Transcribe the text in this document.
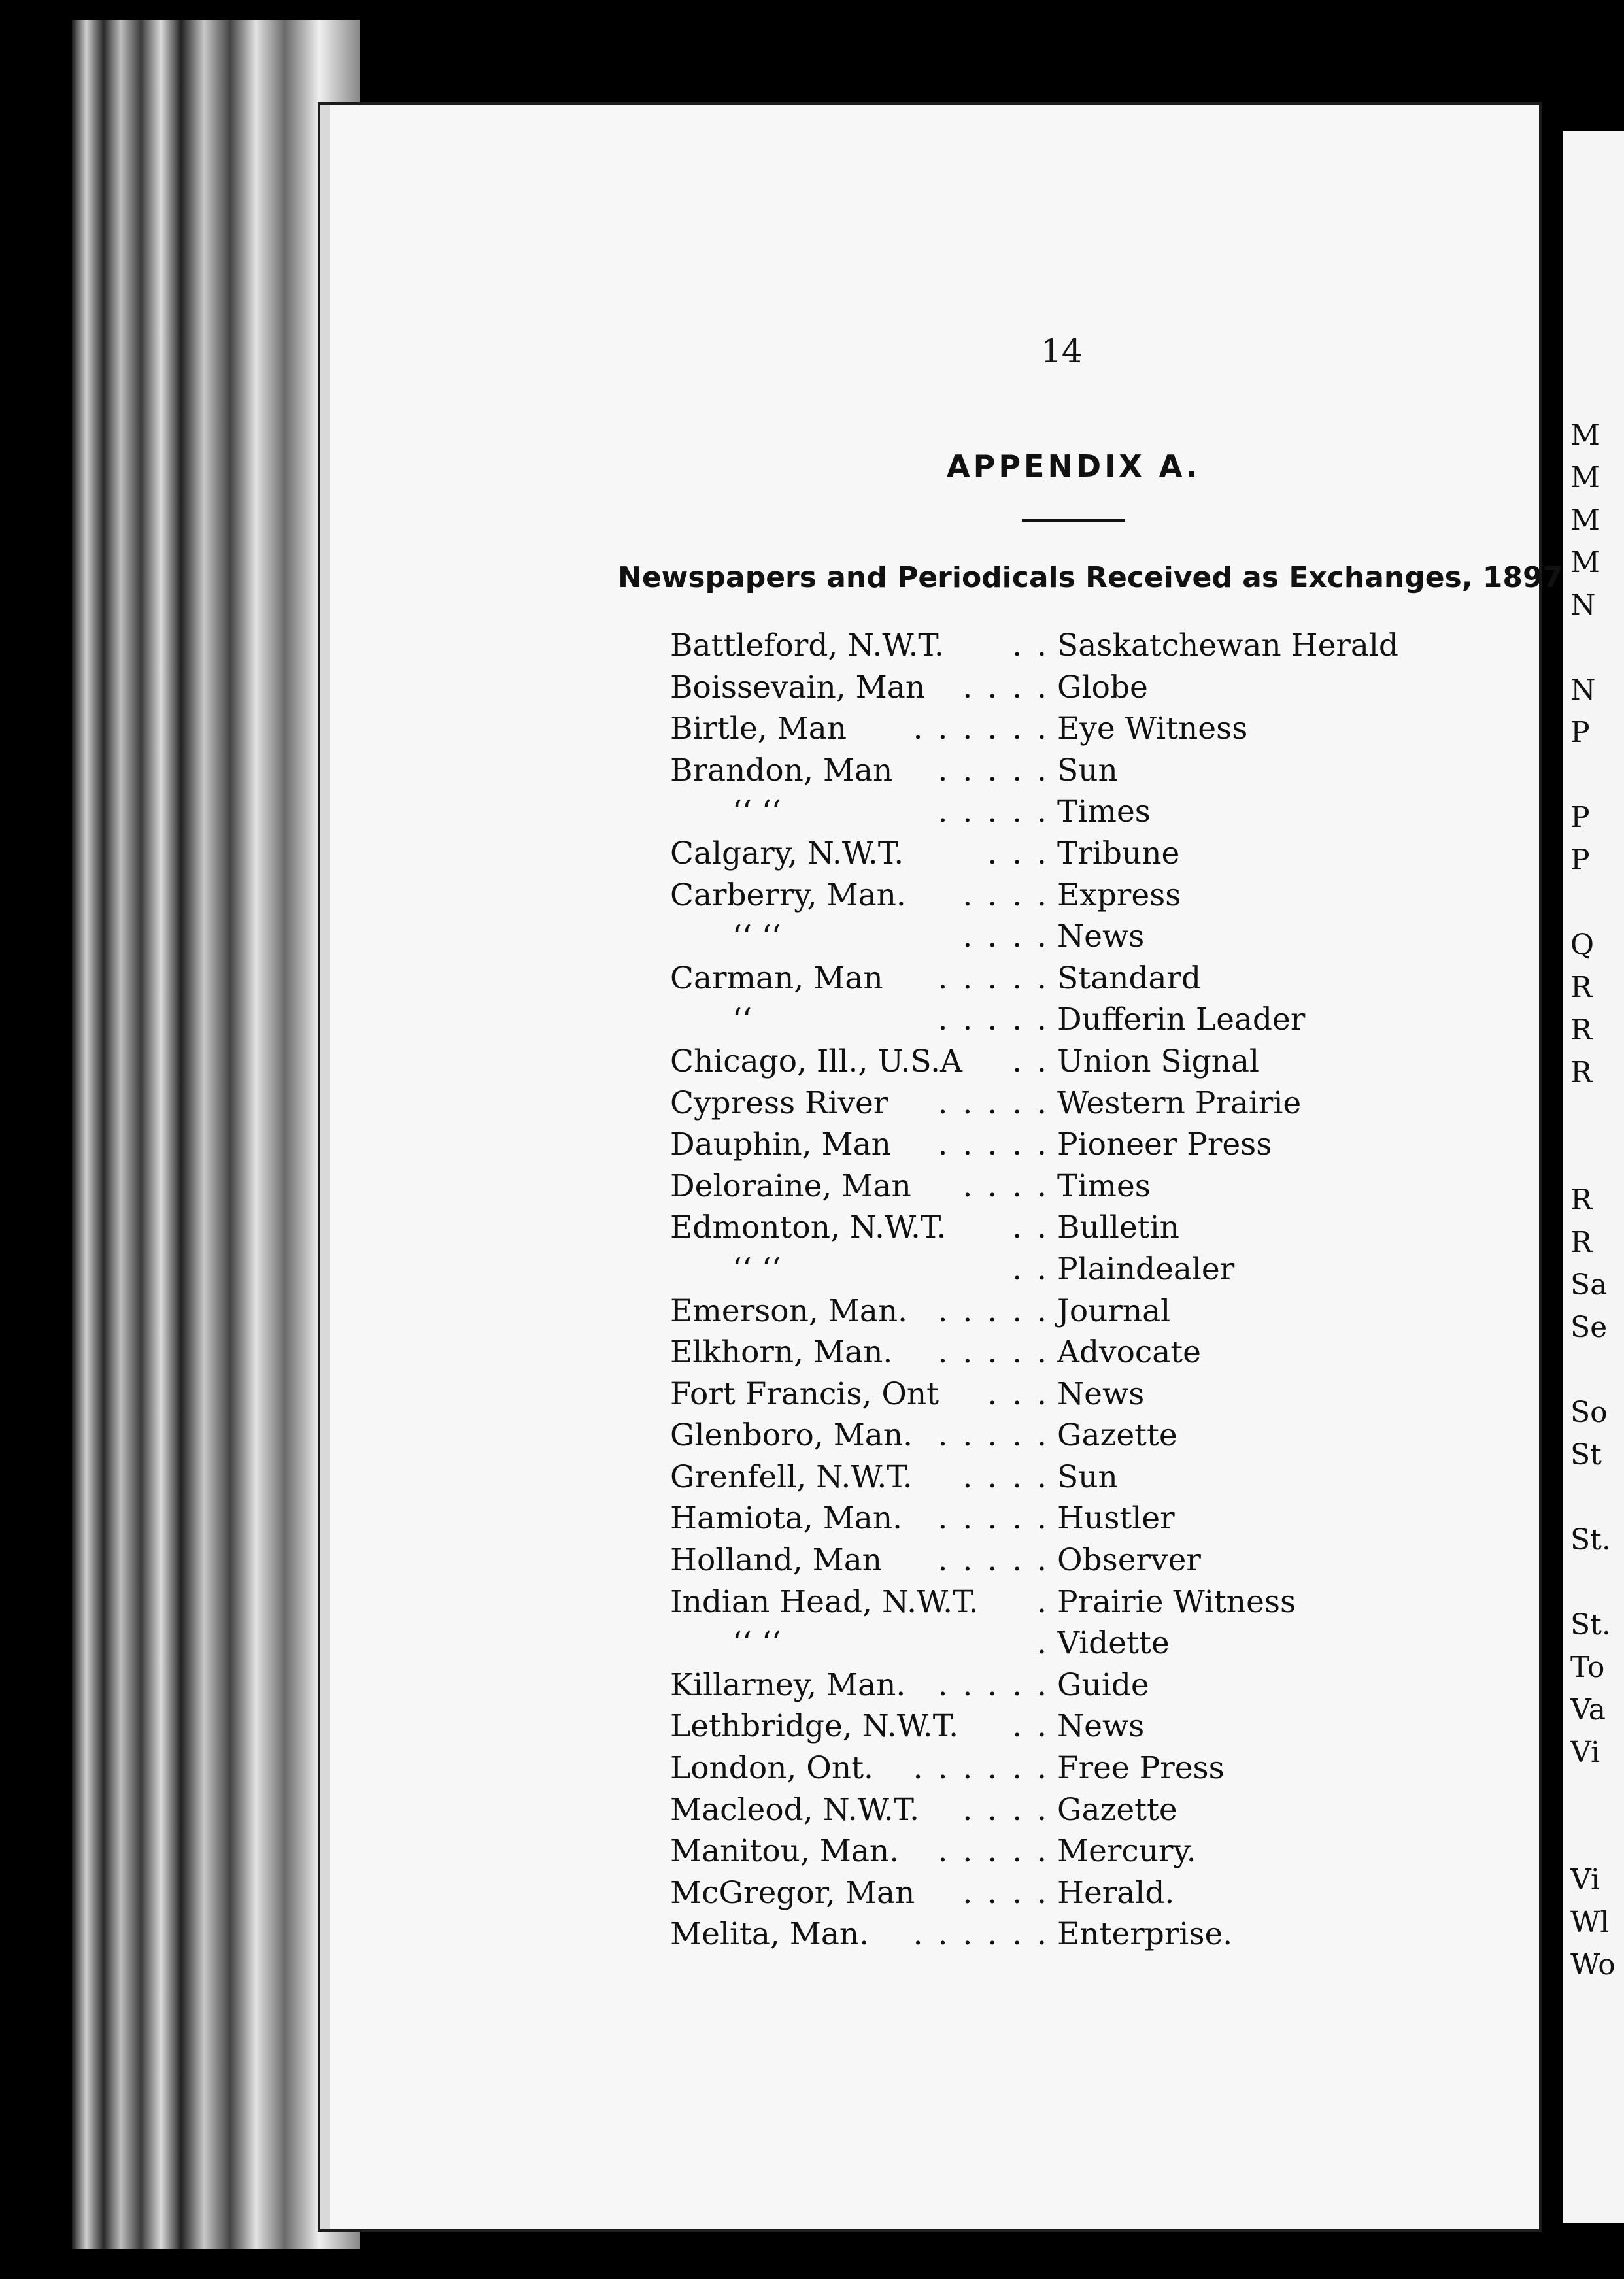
14
APPENDIX A.
Newspapers and Periodicals Received as Exchanges, 1897
Battleford, N.W.T.	. . Saskatchewan Herald
Boissevain, Man	. . . . Globe
Birtle, Man	. . . . . . Eye Witness
Brandon, Man	. . . . . Sun
‘‘ ‘‘	. . . . . Times
Calgary, N.W.T.	. . . Tribune
Carberry, Man.	. . . . Express
‘‘ ‘‘	. . . . News
Carman, Man	. . . . . Standard
‘‘	. . . . . Dufferin Leader
Chicago, Ill., U.S.A	. . Union Signal
Cypress River	. . . . . Western Prairie
Dauphin, Man	. . . . . Pioneer Press
Deloraine, Man	. . . . Times
Edmonton, N.W.T.	. . Bulletin
‘‘ ‘‘	. . Plaindealer
Emerson, Man. . . . . . Journal
Elkhorn, Man.	. . . . . Advocate
Fort Francis, Ont	. . . News
Glenboro, Man. . . . . . Gazette
Grenfell, N.W.T.	. . . . Sun
Hamiota, Man.	. . . . . Hustler
Holland, Man	. . . . . Observer
Indian Head, N.W.T.	. Prairie Witness
‘‘ ‘‘	. Vidette
Killarney, Man.	. . . . . Guide
Lethbridge, N.W.T.	. . News
London, Ont.	. . . . . . Free Press
Macleod, N.W.T.	. . . . Gazette
Manitou, Man.	. . . . . Mercury.
McGregor, Man	. . . . Herald.
Melita, Man.	. . . . . . Enterprise.
M
M
M
M
N
N
P
P
P
Q
R
R
R
R
R
Sa
Se
So
St
St.
St.
To
Va
Vi
Vi
Wl
Wo
